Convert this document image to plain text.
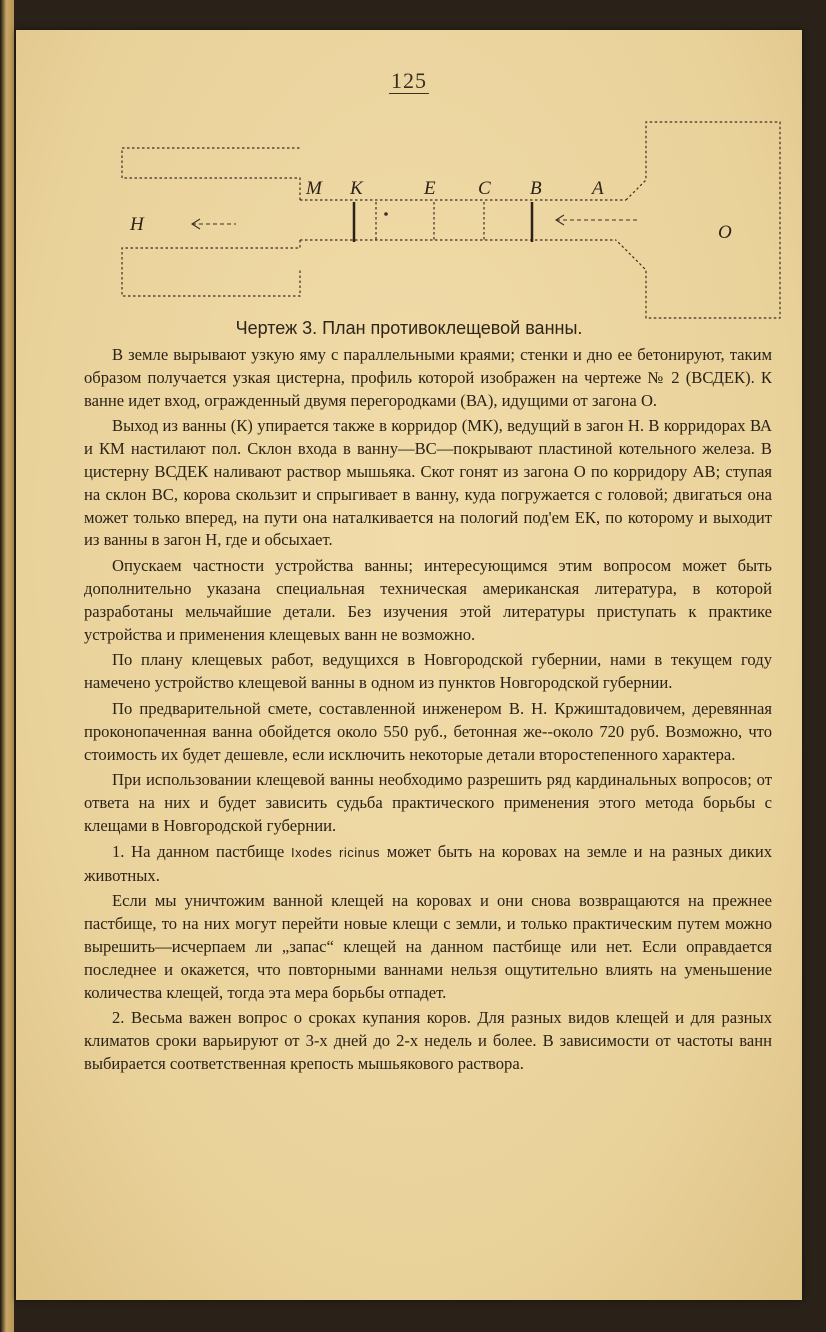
125
М К	Е С В	А
Н	О
Чертеж 3. План противоклещевой ванны.

В земле вырывают узкую яму с параллельными краями; стенки и дно ее бетонируют, таким образом получается узкая цистерна, профиль которой изображен на чертеже № 2 (ВСДЕК). К ванне идет вход, огражденный двумя перегородками (ВА), идущими от загона О.

Выход из ванны (К) упирается также в корридор (МК), ведущий в загон Н. В корридорах ВА и КМ настилают пол. Склон входа в ванну—ВС—покрывают пластиной котельного железа. В цистерну ВСДЕК наливают раствор мышьяка. Скот гонят из загона О по корридору АВ; ступая на склон ВС, корова скользит и спрыгивает в ванну, куда погружается с головой; двигаться она может только вперед, на пути она наталкивается на пологий под'ем ЕК, по которому и выходит из ванны в загон Н, где и обсыхает.

Опускаем частности устройства ванны; интересующимся этим вопросом может быть дополнительно указана специальная техническая американская литература, в которой разработаны мельчайшие детали. Без изучения этой литературы приступать к практике устройства и применения клещевых ванн не возможно.

По плану клещевых работ, ведущихся в Новгородской губернии, нами в текущем году намечено устройство клещевой ванны в одном из пунктов Новгородской губернии.

По предварительной смете, составленной инженером В. Н. Кржиштадовичем, деревянная проконопаченная ванна обойдется около 550 руб., бетонная же--около 720 руб. Возможно, что стоимость их будет дешевле, если исключить некоторые детали второстепенного характера.

При использовании клещевой ванны необходимо разрешить ряд кардинальных вопросов; от ответа на них и будет зависить судьба практического применения этого метода борьбы с клещами в Новгородской губернии.

1. На данном пастбище Ixodes ricinus может быть на коровах на земле и на разных диких животных.

Если мы уничтожим ванной клещей на коровах и они снова возвращаются на прежнее пастбище, то на них могут перейти новые клещи с земли, и только практическим путем можно вырешить—исчерпаем ли „запас“ клещей на данном пастбище или нет. Если оправдается последнее и окажется, что повторными ваннами нельзя ощутительно влиять на уменьшение количества клещей, тогда эта мера борьбы отпадет.

2. Весьма важен вопрос о сроках купания коров. Для разных видов клещей и для разных климатов сроки варьируют от 3-х дней до 2-х недель и более. В зависимости от частоты ванн выбирается соответственная крепость мышьякового раствора.
